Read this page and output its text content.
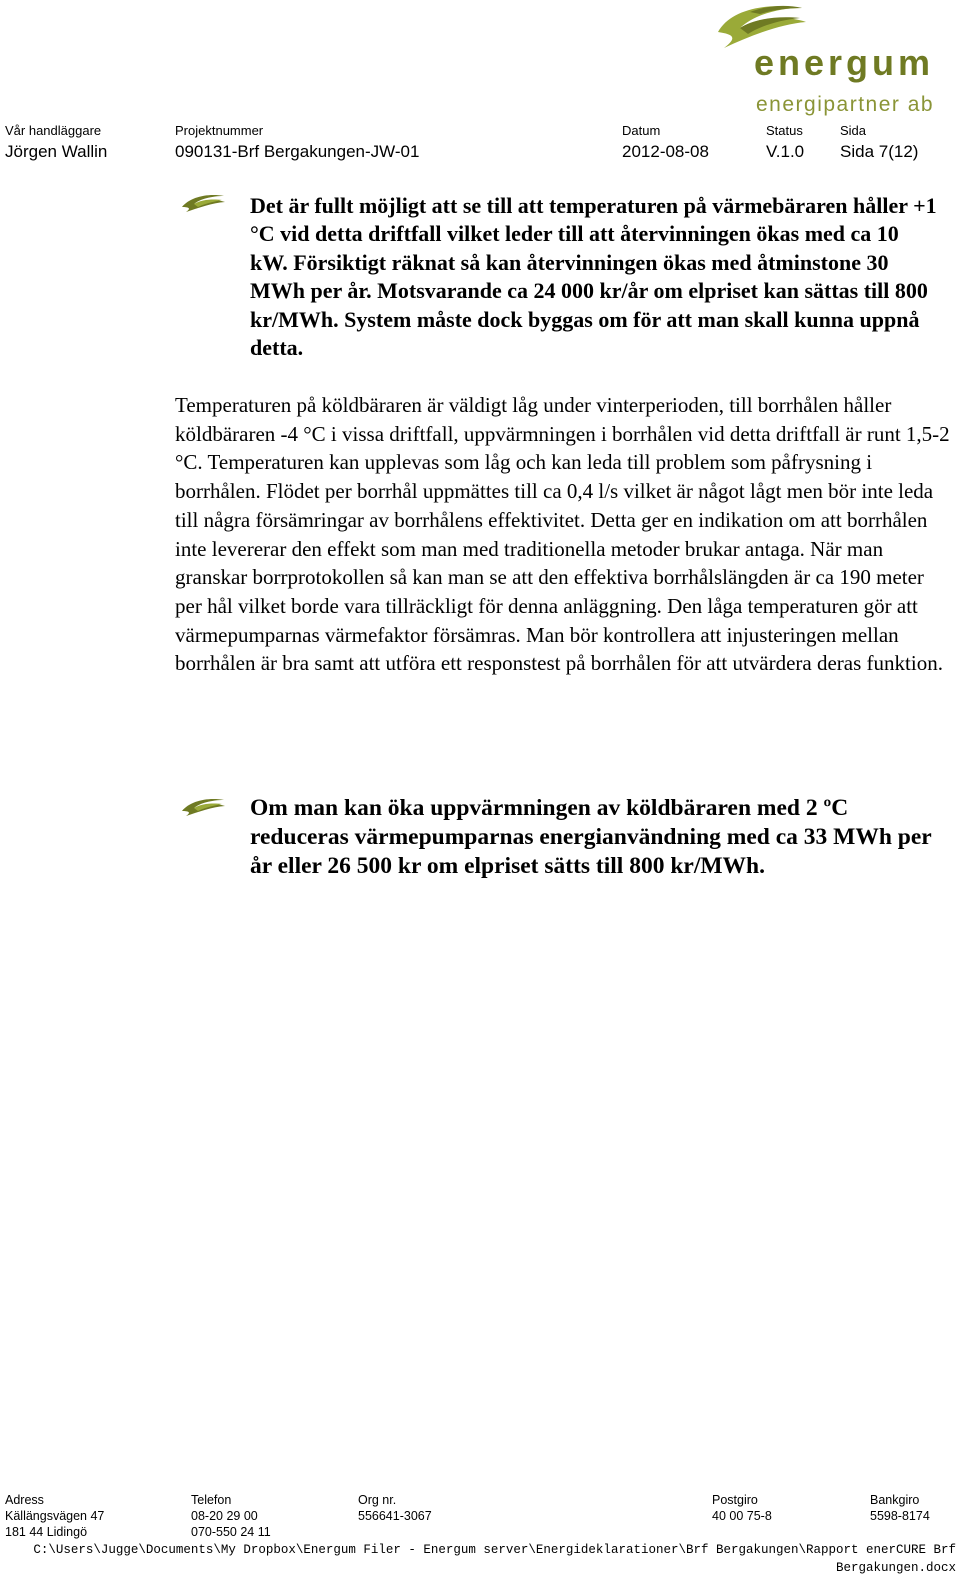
energum
energipartner ab
Vår handläggare
Jörgen Wallin
Projektnummer
090131-Brf Bergakungen-JW-01
Datum
2012-08-08
Status
V.1.0
Sida
Sida 7(12)
Det är fullt möjligt att se till att temperaturen på värmebäraren håller +1 °C vid detta driftfall vilket leder till att återvinningen ökas med ca 10 kW. Försiktigt räknat så kan återvinningen ökas med åtminstone 30 MWh per år. Motsvarande ca 24 000 kr/år om elpriset kan sättas till 800 kr/MWh. System måste dock byggas om för att man skall kunna uppnå detta.
Temperaturen på köldbäraren är väldigt låg under vinterperioden, till borrhålen håller köldbäraren -4 °C i vissa driftfall, uppvärmningen i borrhålen vid detta driftfall är runt 1,5-2 °C. Temperaturen kan upplevas som låg och kan leda till problem som påfrysning i borrhålen. Flödet per borrhål uppmättes till ca 0,4 l/s vilket är något lågt men bör inte leda till några försämringar av borrhålens effektivitet. Detta ger en indikation om att borrhålen inte levererar den effekt som man med traditionella metoder brukar antaga. När man granskar borrprotokollen så kan man se att den effektiva borrhålslängden är ca 190 meter per hål vilket borde vara tillräckligt för denna anläggning. Den låga temperaturen gör att värmepumparnas värmefaktor försämras. Man bör kontrollera att injusteringen mellan borrhålen är bra samt att utföra ett responstest på borrhålen för att utvärdera deras funktion.
Om man kan öka uppvärmningen av köldbäraren med 2 ºC reduceras värmepumparnas energianvändning med ca 33 MWh per år eller 26 500 kr om elpriset sätts till 800 kr/MWh.
Adress
Källängsvägen 47
181 44 Lidingö
Telefon
08-20 29 00
070-550 24 11
Org nr.
556641-3067
Postgiro
40 00 75-8
Bankgiro
5598-8174
C:\Users\Jugge\Documents\My Dropbox\Energum Filer - Energum server\Energideklarationer\Brf Bergakungen\Rapport enerCURE Brf
Bergakungen.docx
